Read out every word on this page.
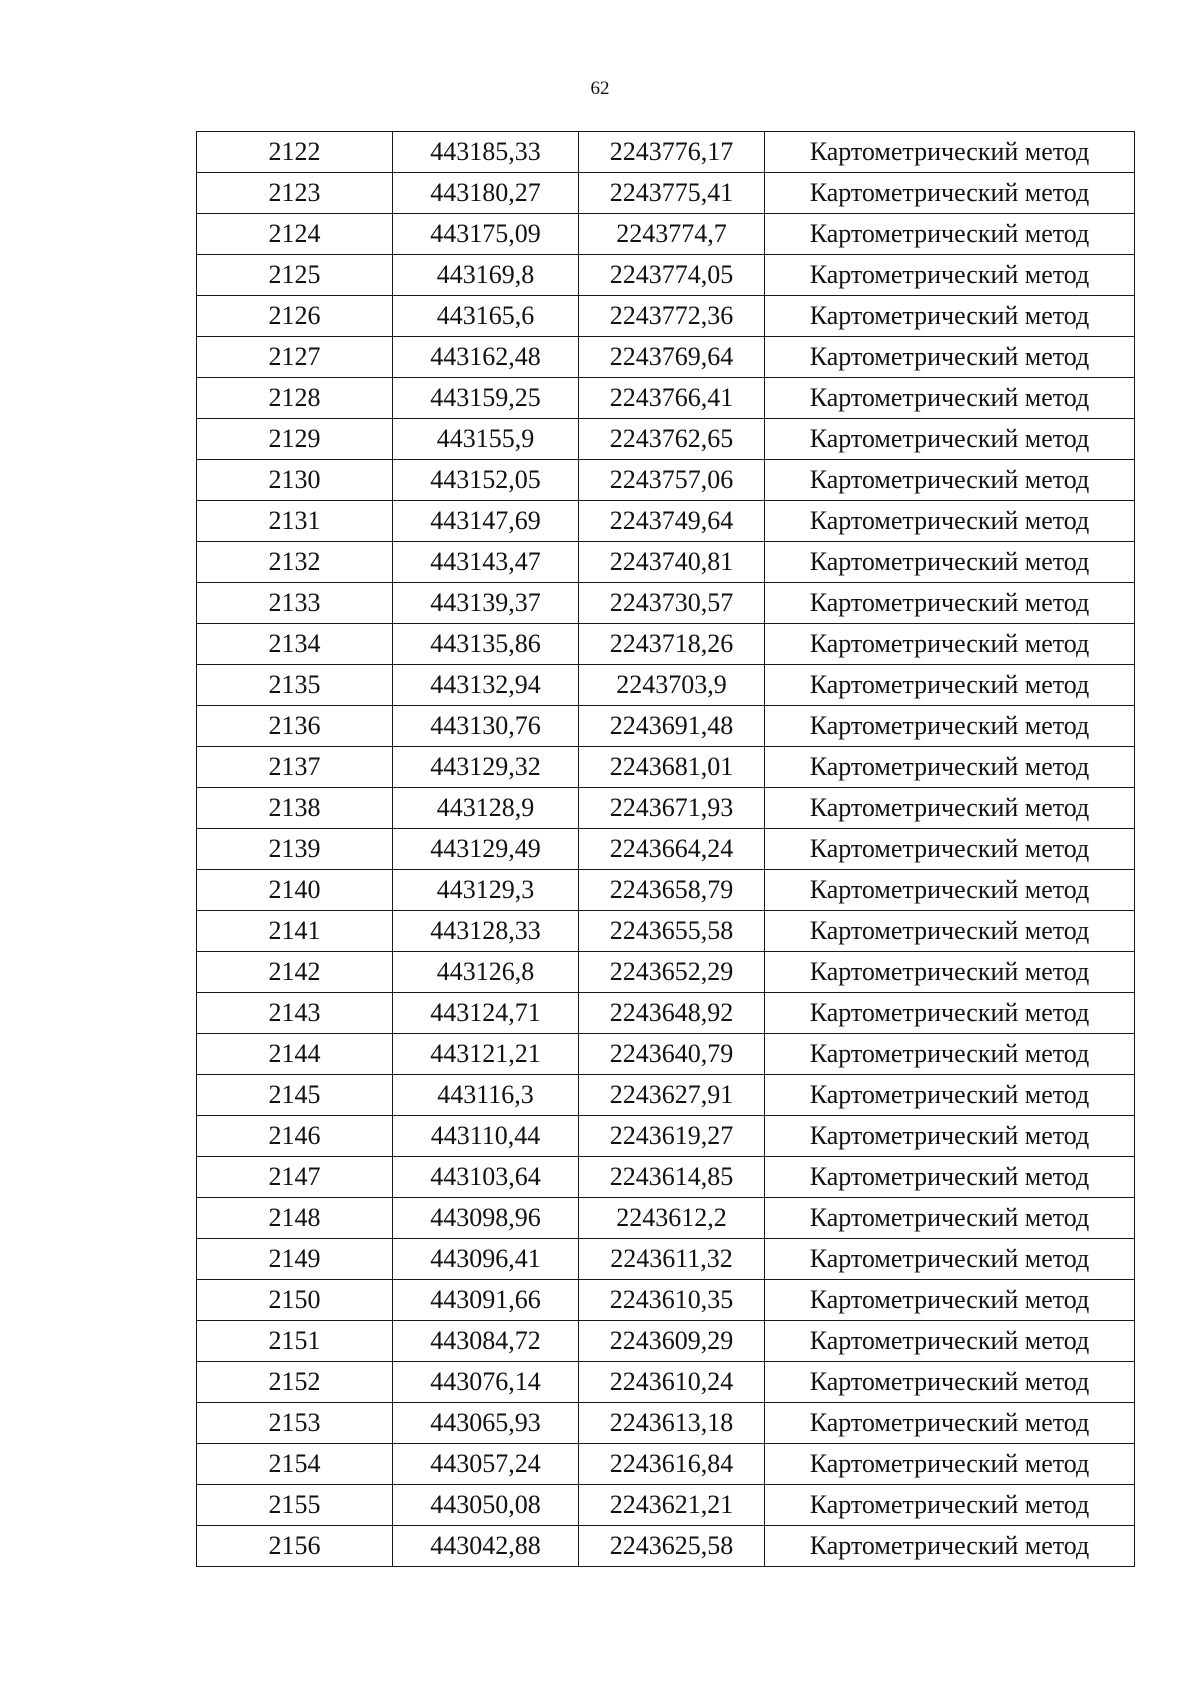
62
2122	443185,33	2243776,17	Картометрический метод
2123	443180,27	2243775,41	Картометрический метод
2124	443175,09	2243774,7	Картометрический метод
2125	443169,8	2243774,05	Картометрический метод
2126	443165,6	2243772,36	Картометрический метод
2127	443162,48	2243769,64	Картометрический метод
2128	443159,25	2243766,41	Картометрический метод
2129	443155,9	2243762,65	Картометрический метод
2130	443152,05	2243757,06	Картометрический метод
2131	443147,69	2243749,64	Картометрический метод
2132	443143,47	2243740,81	Картометрический метод
2133	443139,37	2243730,57	Картометрический метод
2134	443135,86	2243718,26	Картометрический метод
2135	443132,94	2243703,9	Картометрический метод
2136	443130,76	2243691,48	Картометрический метод
2137	443129,32	2243681,01	Картометрический метод
2138	443128,9	2243671,93	Картометрический метод
2139	443129,49	2243664,24	Картометрический метод
2140	443129,3	2243658,79	Картометрический метод
2141	443128,33	2243655,58	Картометрический метод
2142	443126,8	2243652,29	Картометрический метод
2143	443124,71	2243648,92	Картометрический метод
2144	443121,21	2243640,79	Картометрический метод
2145	443116,3	2243627,91	Картометрический метод
2146	443110,44	2243619,27	Картометрический метод
2147	443103,64	2243614,85	Картометрический метод
2148	443098,96	2243612,2	Картометрический метод
2149	443096,41	2243611,32	Картометрический метод
2150	443091,66	2243610,35	Картометрический метод
2151	443084,72	2243609,29	Картометрический метод
2152	443076,14	2243610,24	Картометрический метод
2153	443065,93	2243613,18	Картометрический метод
2154	443057,24	2243616,84	Картометрический метод
2155	443050,08	2243621,21	Картометрический метод
2156	443042,88	2243625,58	Картометрический метод
